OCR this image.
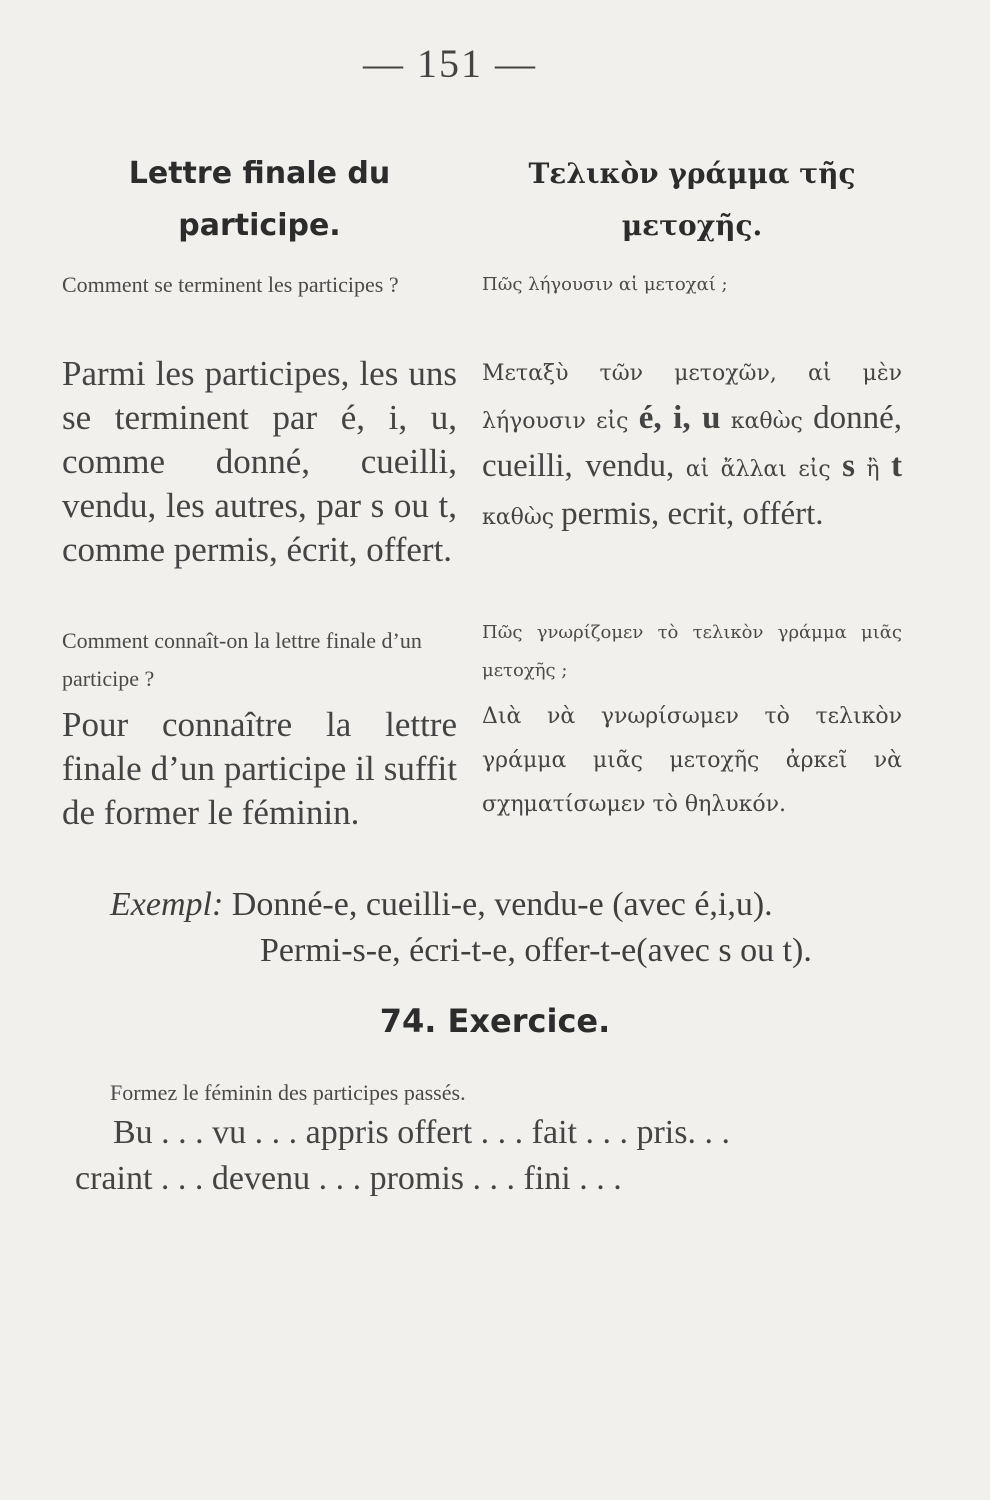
— 151 —
Lettre finale du participe.
Comment se terminent les participes ?
Parmi les participes, les uns se terminent par é, i, u, comme donné, cueilli, vendu, les autres, par s ou t, comme permis, écrit, offert.
Comment connaît-on la lettre finale d’un participe ?
Pour connaître la lettre finale d’un participe il suffit de former le féminin.
Τελικὸν γράμμα τῆς μετοχῆς.
Πῶς λήγουσιν αἱ μετοχαί ;
Μεταξὺ τῶν μετοχῶν, αἱ μὲν λήγουσιν εἰς é, i, u καθὼς donné, cueilli, vendu, αἱ ἄλλαι εἰς s ἢ t καθὼς permis, ecrit, offért.
Πῶς γνωρίζομεν τὸ τελικὸν γράμμα μιᾶς μετοχῆς ;
Διὰ νὰ γνωρίσωμεν τὸ τελικὸν γράμμα μιᾶς μετοχῆς ἀρκεῖ νὰ σχηματίσωμεν τὸ θηλυκόν.
Exempl: Donné-e, cueilli-e, vendu-e (avec é,i,u).
Permi-s-e, écri-t-e, offer-t-e(avec s ou t).
74. Exercice.
Formez le féminin des participes passés.
Bu . . . vu . . . appris offert . . . fait . . . pris. . .
craint . . . devenu . . . promis . . . fini . . .
